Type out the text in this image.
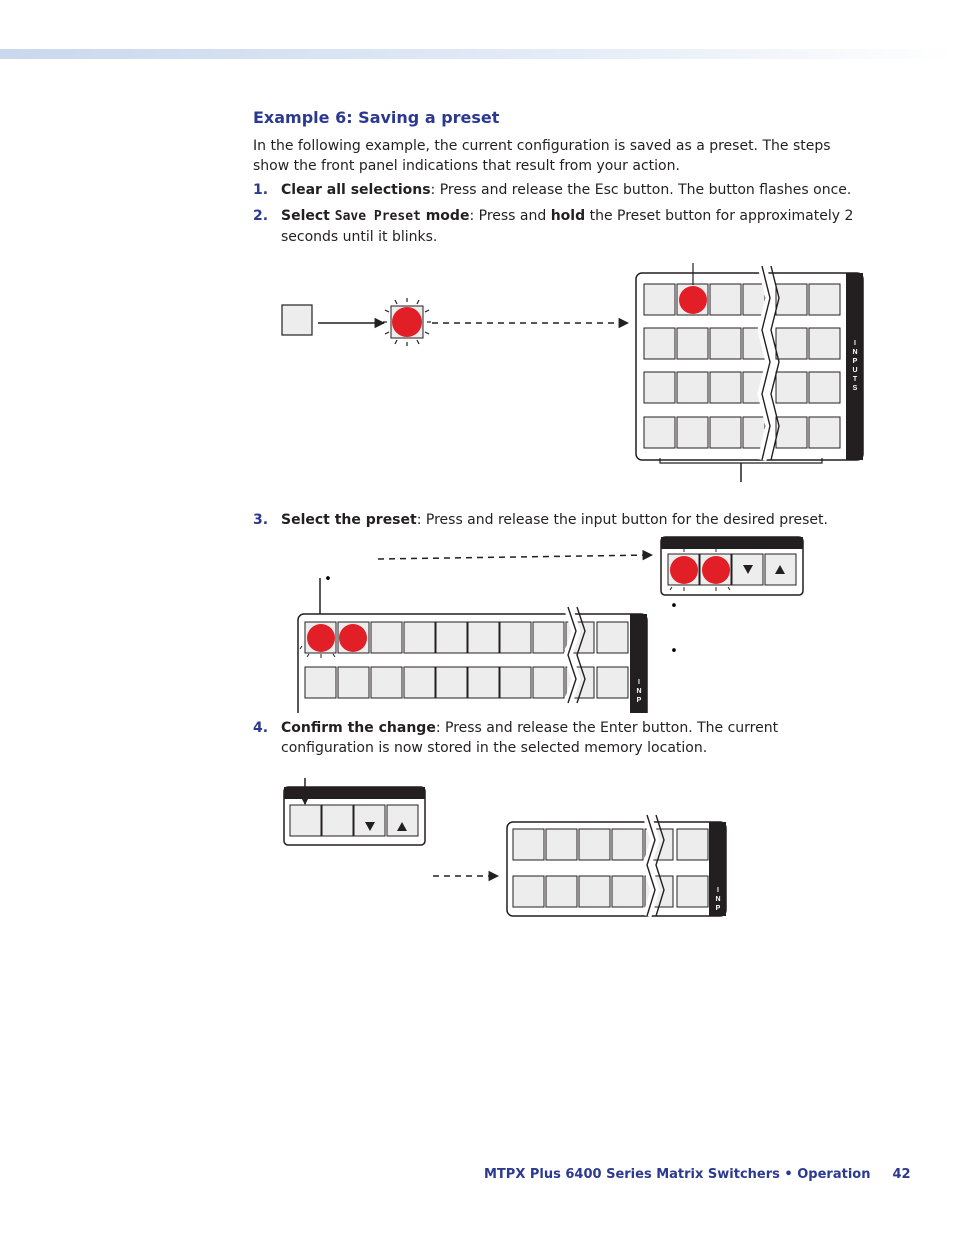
Example 6: Saving a preset

In the following example, the current configuration is saved as a preset. The steps show the front panel indications that result from your action.

1. Clear all selections: Press and release the Esc button. The button flashes once.
2. Select Save Preset mode: Press and hold the Preset button for approximately 2 seconds until it blinks.
I
N
P
U
T
S
3. Select the preset: Press and release the input button for the desired preset.
•
•
•
I
N
P
4. Confirm the change: Press and release the Enter button. The current configuration is now stored in the selected memory location.
I
N
P
MTPX Plus 6400 Series Matrix Switchers • Operation 42
